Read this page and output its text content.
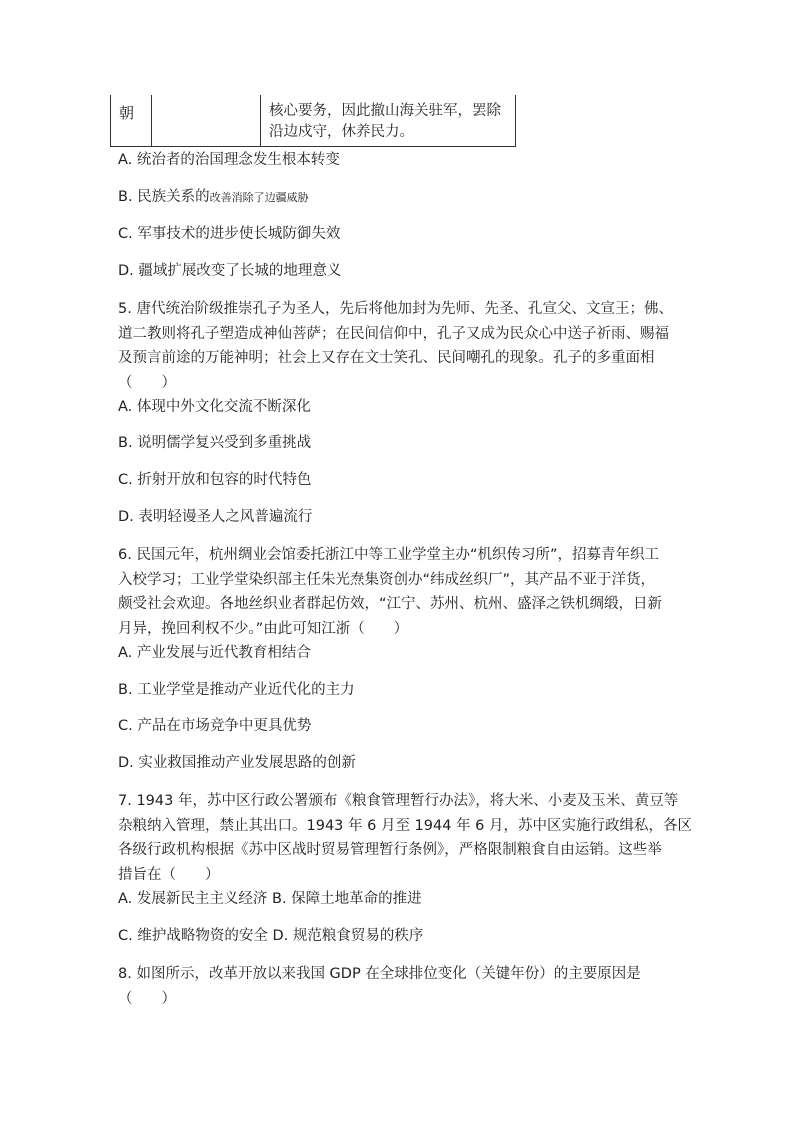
朝	核心要务，因此撤山海关驻军，罢除
沿边戍守，休养民力。
A. 统治者的治国理念发生根本转变
B. 民族关系的改善消除了边疆威胁
C. 军事技术的进步使长城防御失效
D. 疆域扩展改变了长城的地理意义
5. 唐代统治阶级推崇孔子为圣人，先后将他加封为先师、先圣、孔宣父、文宣王；佛、
道二教则将孔子塑造成神仙菩萨；在民间信仰中，孔子又成为民众心中送子祈雨、赐福
及预言前途的万能神明；社会上又存在文士笑孔、民间嘲孔的现象。孔子的多重面相
（　　）
A. 体现中外文化交流不断深化
B. 说明儒学复兴受到多重挑战
C. 折射开放和包容的时代特色
D. 表明轻谩圣人之风普遍流行
6. 民国元年，杭州绸业会馆委托浙江中等工业学堂主办“机织传习所”，招募青年织工
入校学习；工业学堂染织部主任朱光焘集资创办“纬成丝织厂”，其产品不亚于洋货，
颇受社会欢迎。各地丝织业者群起仿效，“江宁、苏州、杭州、盛泽之铁机绸缎，日新
月异，挽回利权不少。”由此可知江浙（　　）
A. 产业发展与近代教育相结合
B. 工业学堂是推动产业近代化的主力
C. 产品在市场竞争中更具优势
D. 实业救国推动产业发展思路的创新
7. 1943 年，苏中区行政公署颁布《粮食管理暂行办法》，将大米、小麦及玉米、黄豆等
杂粮纳入管理，禁止其出口。1943 年 6 月至 1944 年 6 月，苏中区实施行政缉私，各区
各级行政机构根据《苏中区战时贸易管理暂行条例》，严格限制粮食自由运销。这些举
措旨在（　　）
A. 发展新民主主义经济 B. 保障土地革命的推进
C. 维护战略物资的安全 D. 规范粮食贸易的秩序
8. 如图所示，改革开放以来我国 GDP 在全球排位变化（关键年份）的主要原因是
（　　）
